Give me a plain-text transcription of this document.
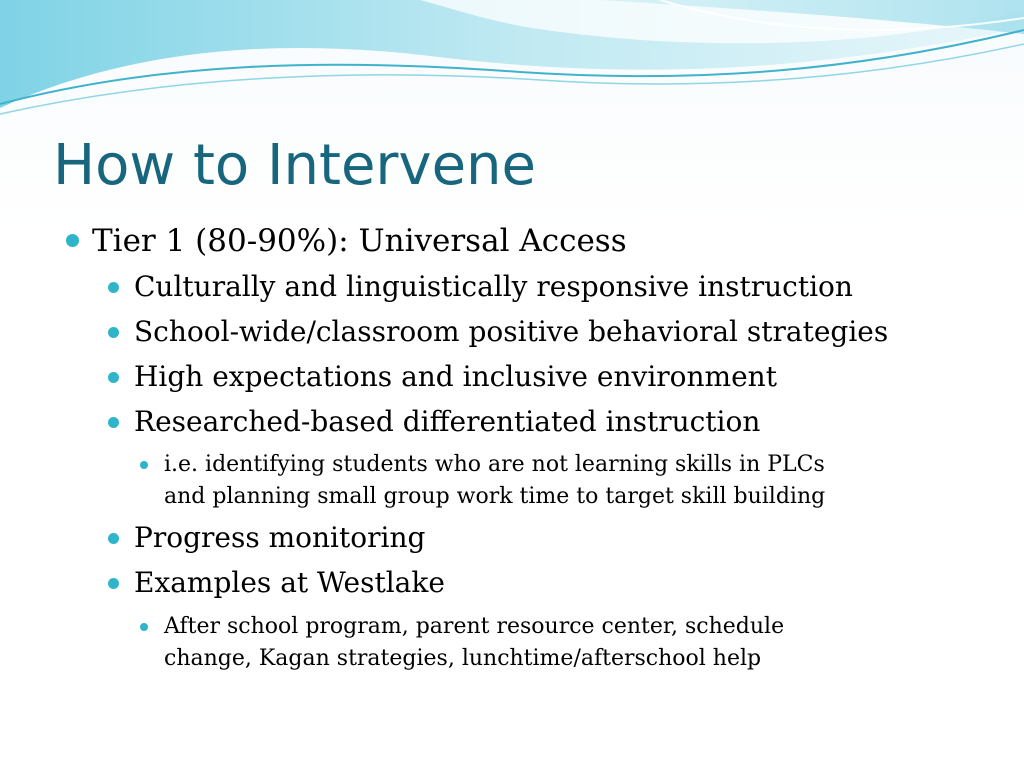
How to Intervene
Tier 1 (80-90%): Universal Access
Culturally and linguistically responsive instruction
School-wide/classroom positive behavioral strategies
High expectations and inclusive environment
Researched-based differentiated instruction
i.e. identifying students who are not learning skills in PLCs
and planning small group work time to target skill building
Progress monitoring
Examples at Westlake
After school program, parent resource center, schedule
change, Kagan strategies, lunchtime/afterschool help
